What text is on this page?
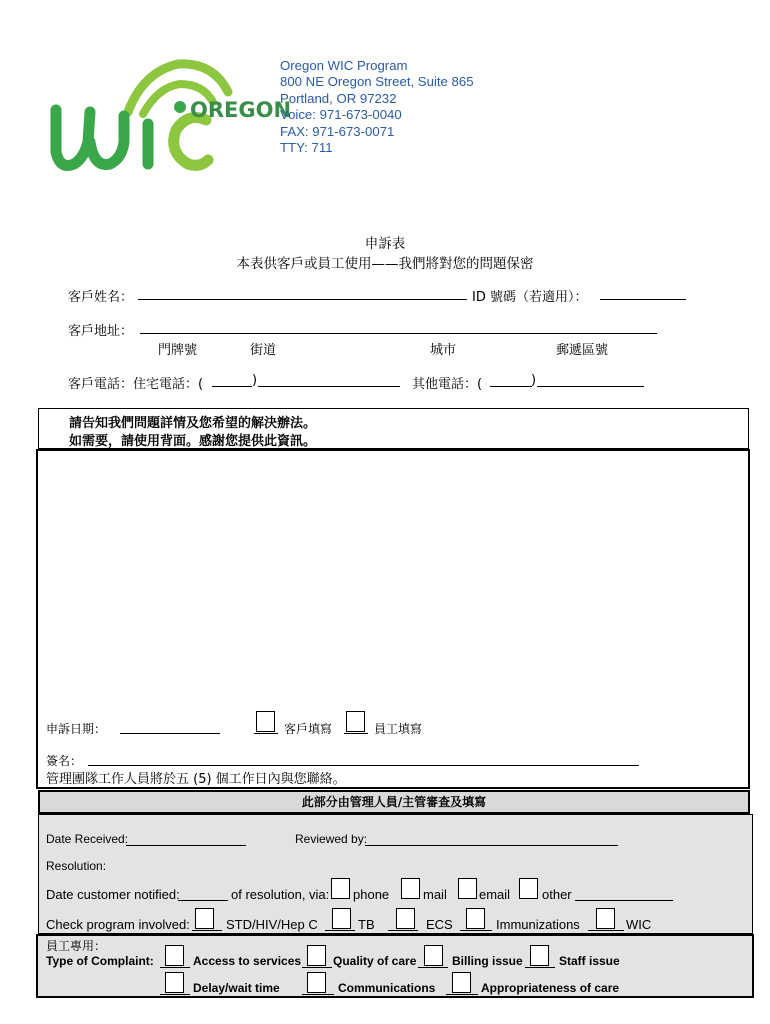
OREGON
Oregon WIC Program
800 NE Oregon Street, Suite 865
Portland, OR 97232
Voice: 971-673-0040
FAX: 971-673-0071
TTY: 711
申訴表
本表供客戶或員工使用——我們將對您的問題保密
客戶姓名：	ID 號碼（若適用）：
客戶地址：
門牌號	街道	城市	郵遞區號
客戶電話：住宅電話：(	)	其他電話：(	)
請告知我們問題詳情及您希望的解決辦法。
如需要，請使用背面。感謝您提供此資訊。
申訴日期：	客戶填寫	員工填寫
簽名：
管理團隊工作人員將於五 (5) 個工作日內與您聯絡。
此部分由管理人員/主管審查及填寫
Date Received:	Reviewed by:
Resolution:
Date customer notified:	of resolution, via: phone	mail email other
Check program involved:	STD/HIV/Hep C	TB	ECS	Immunizations	WIC
員工專用：
Type of Complaint:	Access to services	Quality of care	Billing issue	Staff issue
Delay/wait time	Communications	Appropriateness of care
